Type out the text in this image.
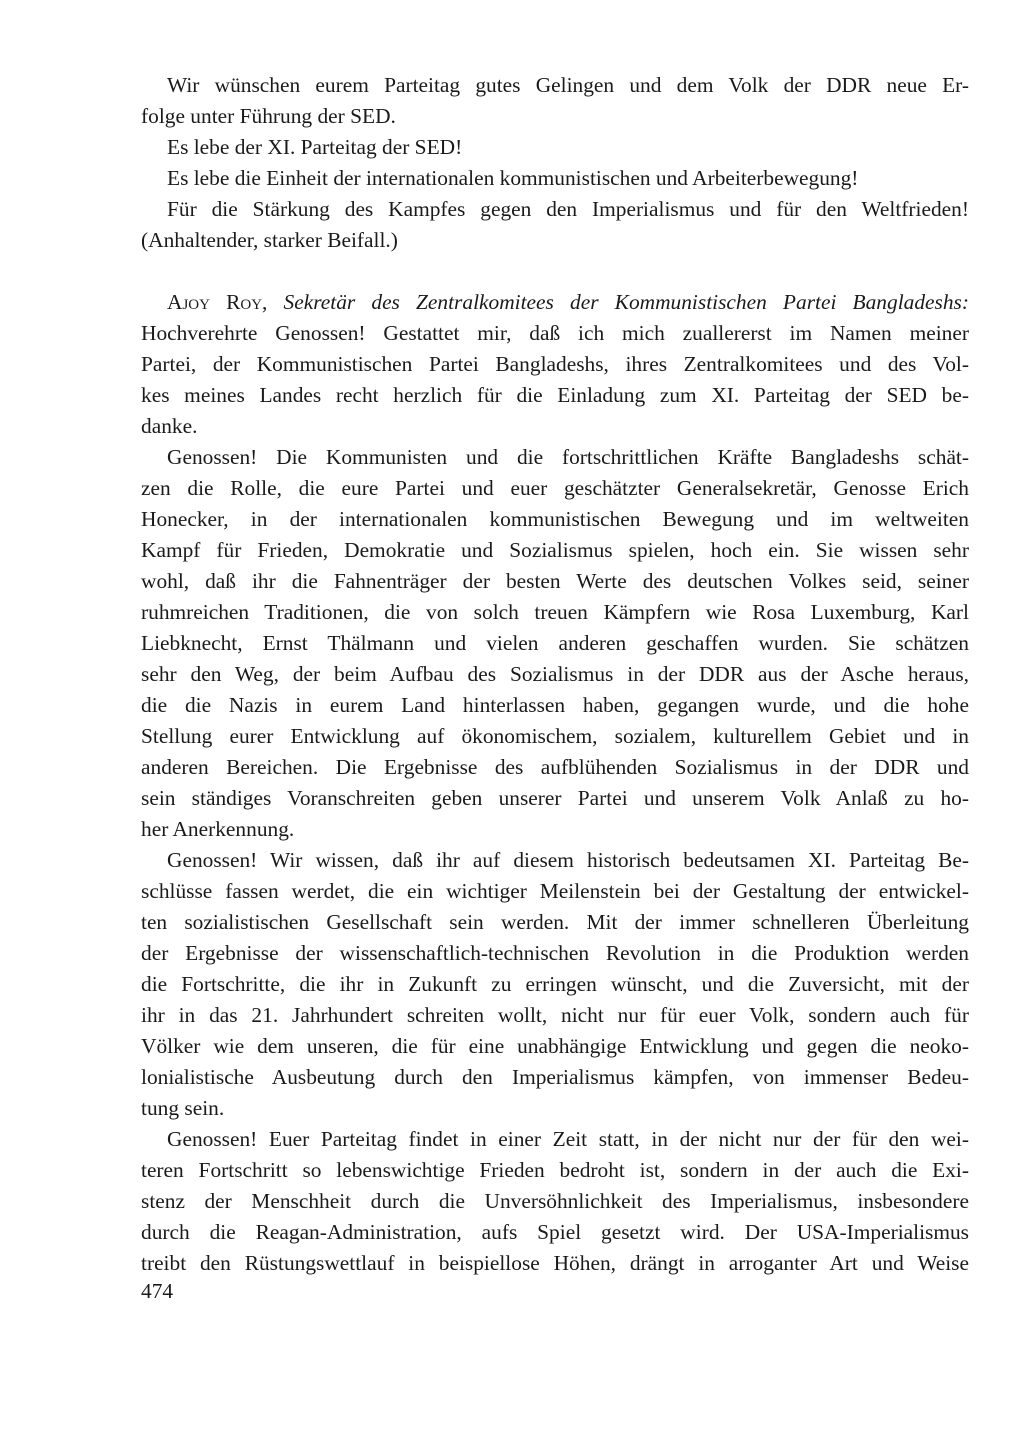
Wir wünschen eurem Parteitag gutes Gelingen und dem Volk der DDR neue Er-
folge unter Führung der SED.
Es lebe der XI. Parteitag der SED!
Es lebe die Einheit der internationalen kommunistischen und Arbeiterbewegung!
Für die Stärkung des Kampfes gegen den Imperialismus und für den Weltfrieden!
(Anhaltender, starker Beifall.)
Ajoy Roy, Sekretär des Zentralkomitees der Kommunistischen Partei Bangladeshs:
Hochverehrte Genossen! Gestattet mir, daß ich mich zuallererst im Namen meiner
Partei, der Kommunistischen Partei Bangladeshs, ihres Zentralkomitees und des Vol-
kes meines Landes recht herzlich für die Einladung zum XI. Parteitag der SED be-
danke.
Genossen! Die Kommunisten und die fortschrittlichen Kräfte Bangladeshs schät-
zen die Rolle, die eure Partei und euer geschätzter Generalsekretär, Genosse Erich
Honecker, in der internationalen kommunistischen Bewegung und im weltweiten
Kampf für Frieden, Demokratie und Sozialismus spielen, hoch ein. Sie wissen sehr
wohl, daß ihr die Fahnenträger der besten Werte des deutschen Volkes seid, seiner
ruhmreichen Traditionen, die von solch treuen Kämpfern wie Rosa Luxemburg, Karl
Liebknecht, Ernst Thälmann und vielen anderen geschaffen wurden. Sie schätzen
sehr den Weg, der beim Aufbau des Sozialismus in der DDR aus der Asche heraus,
die die Nazis in eurem Land hinterlassen haben, gegangen wurde, und die hohe
Stellung eurer Entwicklung auf ökonomischem, sozialem, kulturellem Gebiet und in
anderen Bereichen. Die Ergebnisse des aufblühenden Sozialismus in der DDR und
sein ständiges Voranschreiten geben unserer Partei und unserem Volk Anlaß zu ho-
her Anerkennung.
Genossen! Wir wissen, daß ihr auf diesem historisch bedeutsamen XI. Parteitag Be-
schlüsse fassen werdet, die ein wichtiger Meilenstein bei der Gestaltung der entwickel-
ten sozialistischen Gesellschaft sein werden. Mit der immer schnelleren Überleitung
der Ergebnisse der wissenschaftlich-technischen Revolution in die Produktion werden
die Fortschritte, die ihr in Zukunft zu erringen wünscht, und die Zuversicht, mit der
ihr in das 21. Jahrhundert schreiten wollt, nicht nur für euer Volk, sondern auch für
Völker wie dem unseren, die für eine unabhängige Entwicklung und gegen die neoko-
lonialistische Ausbeutung durch den Imperialismus kämpfen, von immenser Bedeu-
tung sein.
Genossen! Euer Parteitag findet in einer Zeit statt, in der nicht nur der für den wei-
teren Fortschritt so lebenswichtige Frieden bedroht ist, sondern in der auch die Exi-
stenz der Menschheit durch die Unversöhnlichkeit des Imperialismus, insbesondere
durch die Reagan-Administration, aufs Spiel gesetzt wird. Der USA-Imperialismus
treibt den Rüstungswettlauf in beispiellose Höhen, drängt in arroganter Art und Weise
474
